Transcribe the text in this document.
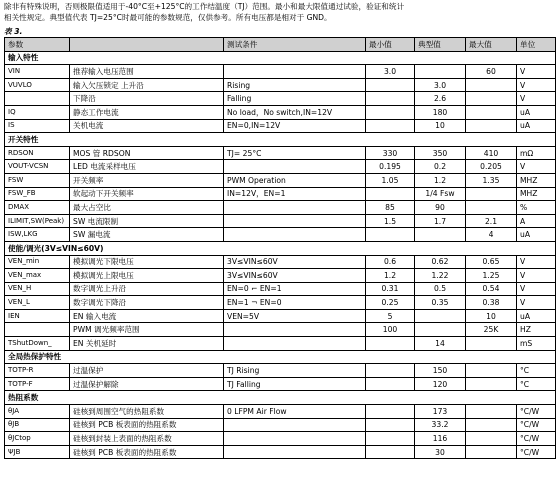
除非有特殊说明，否则极限值适用于-40°C至+125°C的工作结温度（TJ）范围。最小和最大限值通过试验，验证和统计
相关性规定。典型值代表 TJ=25°C时最可能的参数规范，仅供参考。所有电压都是相对于 GND。
表 3.
参数		测试条件	最小值	典型值	最大值	单位
输入特性						
VIN	推荐输入电压范围		3.0		60	V
VUVLO	输入欠压锁定 上升沿	Rising		3.0		V
	下降沿	Falling		2.6		V
IQ	静态工作电流	No load，No switch,IN=12V		180		uA
IS	关机电流	EN=0,IN=12V		10		uA
开关特性						
RDSON	MOS 管 RDSON	TJ= 25°C	330	350	410	mΩ
VOUT-VCSN	LED 电流采样电压		0.195	0.2	0.205	V
FSW	开关频率	PWM Operation	1.05	1.2	1.35	MHZ
FSW_FB	软起动下开关频率	IN=12V，EN=1		1/4 Fsw		MHZ
DMAX	最大占空比		85	90		%
ILIMIT,SW(Peak)	SW 电流限制		1.5	1.7	2.1	A
ISW,LKG	SW 漏电流				4	uA
使能/调光(3V≤VIN≤60V)						
VEN_min	模拟调光下限电压	3V≤VIN≤60V	0.6	0.62	0.65	V
VEN_max	模拟调光上限电压	3V≤VIN≤60V	1.2	1.22	1.25	V
VEN_H	数字调光上升沿	EN=0 ⌐ EN=1	0.31	0.5	0.54	V
VEN_L	数字调光下降沿	EN=1 ¬ EN=0	0.25	0.35	0.38	V
IEN	EN 输入电流	VEN=5V	5		10	uA
	PWM 调光频率范围		100		25K	HZ
TShutDown_	EN 关机延时			14		mS
全局热保护特性						
TOTP-R	过温保护	TJ Rising		150		°C
TOTP-F	过温保护解除	TJ Falling		120		°C
热阻系数						
θJA	硅核到周围空气的热阻系数	0 LFPM Air Flow		173		°C/W
θJB	硅核到 PCB 板表面的热阻系数			33.2		°C/W
θJCtop	硅核到封装上表面的热阻系数			116		°C/W
ΨJB	硅核到 PCB 板表面的热阻系数			30		°C/W
